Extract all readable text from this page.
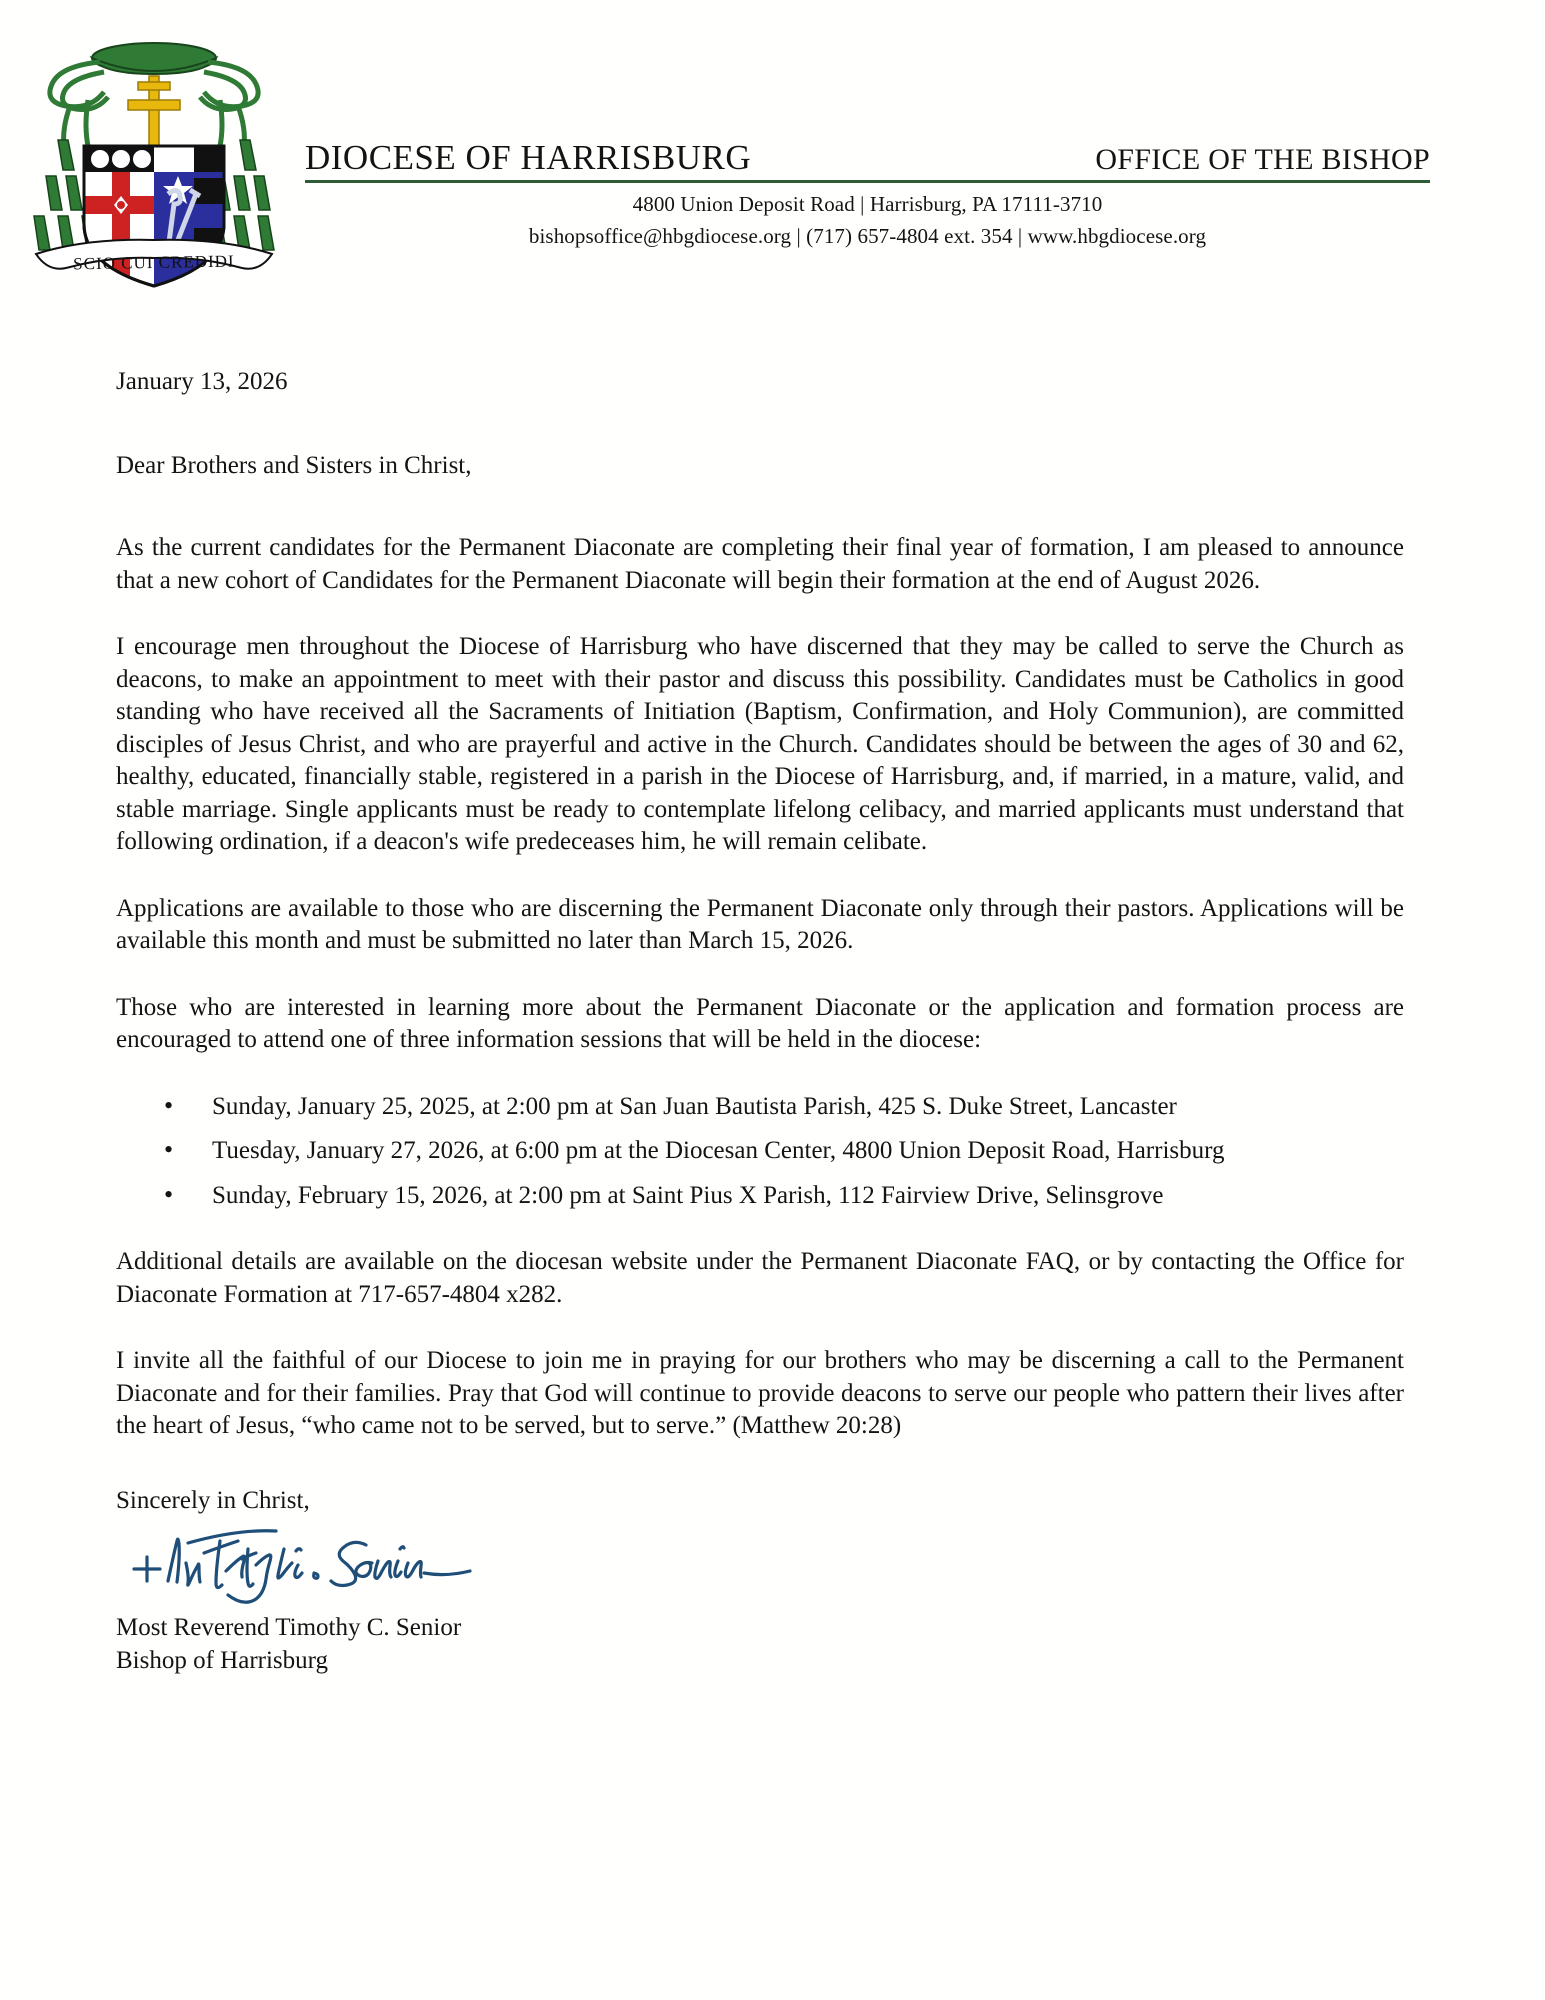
SCIO CUI CREDIDI
DIOCESE OF HARRISBURG	OFFICE OF THE BISHOP
4800 Union Deposit Road | Harrisburg, PA 17111-3710
bishopsoffice@hbgdiocese.org | (717) 657-4804 ext. 354 | www.hbgdiocese.org
January 13, 2026
Dear Brothers and Sisters in Christ,

As the current candidates for the Permanent Diaconate are completing their final year of formation, I am pleased to announce that a new cohort of Candidates for the Permanent Diaconate will begin their formation at the end of August 2026.

I encourage men throughout the Diocese of Harrisburg who have discerned that they may be called to serve the Church as deacons, to make an appointment to meet with their pastor and discuss this possibility. Candidates must be Catholics in good standing who have received all the Sacraments of Initiation (Baptism, Confirmation, and Holy Communion), are committed disciples of Jesus Christ, and who are prayerful and active in the Church. Candidates should be between the ages of 30 and 62, healthy, educated, financially stable, registered in a parish in the Diocese of Harrisburg, and, if married, in a mature, valid, and stable marriage. Single applicants must be ready to contemplate lifelong celibacy, and married applicants must understand that following ordination, if a deacon's wife predeceases him, he will remain celibate.

Applications are available to those who are discerning the Permanent Diaconate only through their pastors. Applications will be available this month and must be submitted no later than March 15, 2026.

Those who are interested in learning more about the Permanent Diaconate or the application and formation process are encouraged to attend one of three information sessions that will be held in the diocese:

• Sunday, January 25, 2025, at 2:00 pm at San Juan Bautista Parish, 425 S. Duke Street, Lancaster
• Tuesday, January 27, 2026, at 6:00 pm at the Diocesan Center, 4800 Union Deposit Road, Harrisburg
• Sunday, February 15, 2026, at 2:00 pm at Saint Pius X Parish, 112 Fairview Drive, Selinsgrove

Additional details are available on the diocesan website under the Permanent Diaconate FAQ, or by contacting the Office for Diaconate Formation at 717-657-4804 x282.

I invite all the faithful of our Diocese to join me in praying for our brothers who may be discerning a call to the Permanent Diaconate and for their families. Pray that God will continue to provide deacons to serve our people who pattern their lives after the heart of Jesus, “who came not to be served, but to serve.” (Matthew 20:28)

Sincerely in Christ,
Most Reverend Timothy C. Senior
Bishop of Harrisburg
